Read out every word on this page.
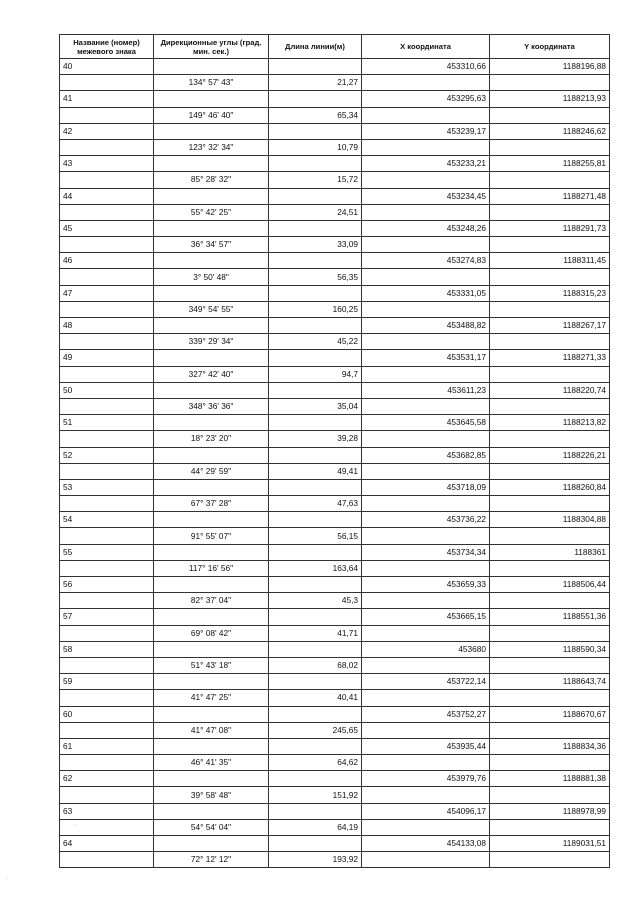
Название (номер) межевого знака	Дирекционные углы (град. мин. сек.)	Длина линии(м)	X координата	Y координата
40			453310,66	1188196,88
	134° 57' 43"	21,27		
41			453295,63	1188213,93
	149° 46' 40"	65,34		
42			453239,17	1188246,62
	123° 32' 34"	10,79		
43			453233,21	1188255,81
	85° 28' 32"	15,72		
44			453234,45	1188271,48
	55° 42' 25"	24,51		
45			453248,26	1188291,73
	36° 34' 57"	33,09		
46			453274,83	1188311,45
	3° 50' 48"	56,35		
47			453331,05	1188315,23
	349° 54' 55"	160,25		
48			453488,82	1188267,17
	339° 29' 34"	45,22		
49			453531,17	1188271,33
	327° 42' 40"	94,7		
50			453611,23	1188220,74
	348° 36' 36"	35,04		
51			453645,58	1188213,82
	18° 23' 20"	39,28		
52			453682,85	1188226,21
	44° 29' 59"	49,41		
53			453718,09	1188260,84
	67° 37' 28"	47,63		
54			453736,22	1188304,88
	91° 55' 07"	56,15		
55			453734,34	1188361
	117° 16' 56"	163,64		
56			453659,33	1188506,44
	82° 37' 04"	45,3		
57			453665,15	1188551,36
	69° 08' 42"	41,71		
58			453680	1188590,34
	51° 43' 18"	68,02		
59			453722,14	1188643,74
	41° 47' 25"	40,41		
60			453752,27	1188670,67
	41° 47' 08"	245,65		
61			453935,44	1188834,36
	46° 41' 35"	64,62		
62			453979,76	1188881,38
	39° 58' 48"	151,92		
63			454096,17	1188978,99
	54° 54' 04"	64,19		
64			454133,08	1189031,51
	72° 12' 12"	193,92		
·
·
·
